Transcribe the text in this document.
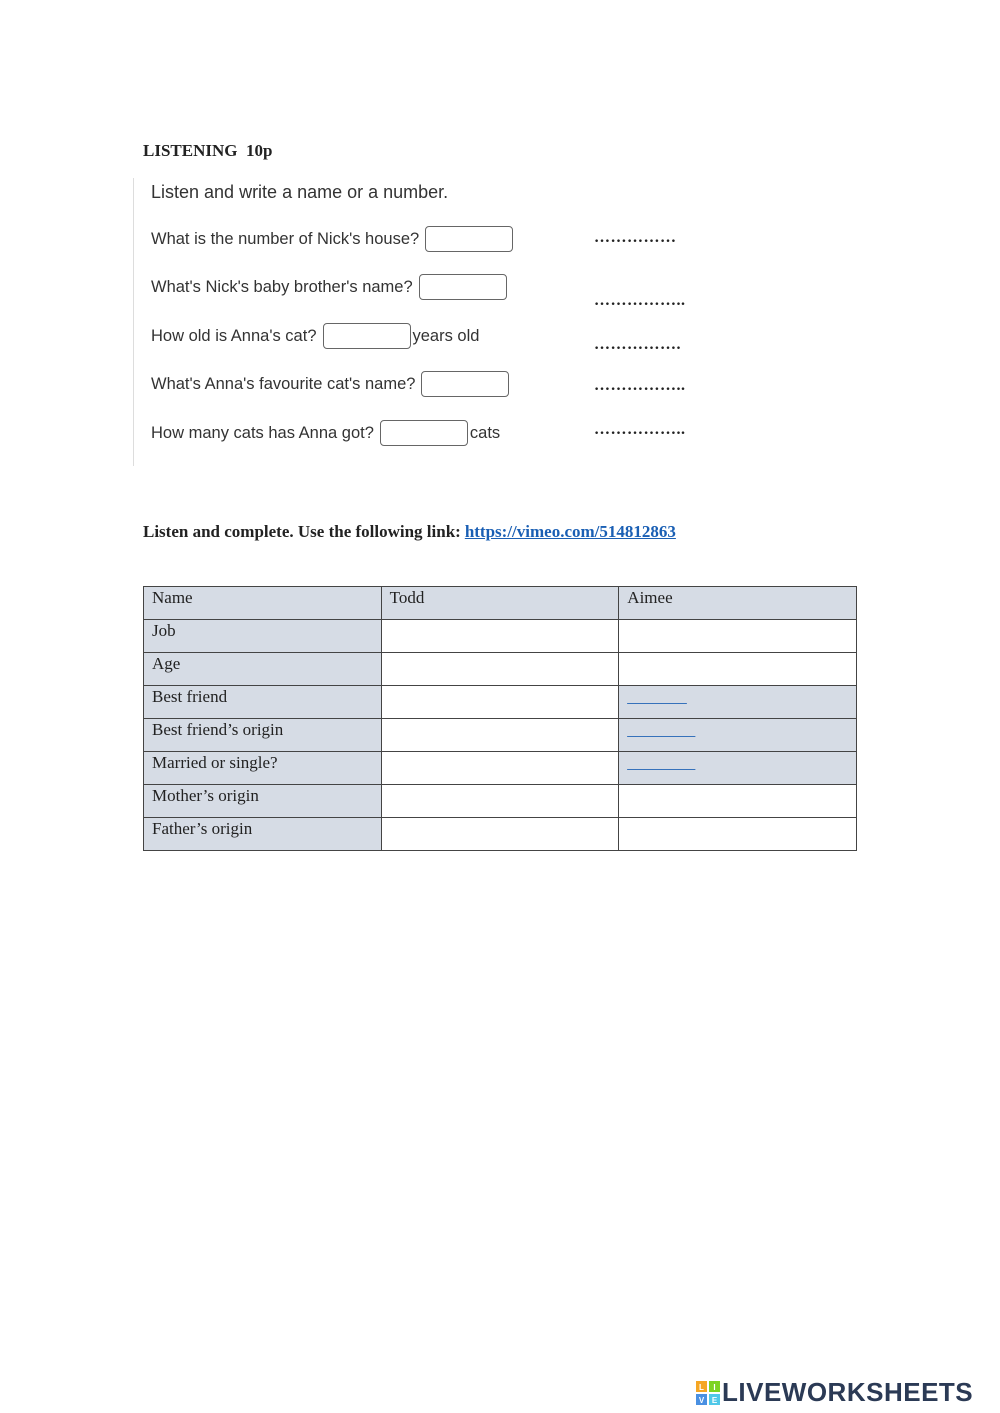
LISTENING  10p
Listen and write a name or a number.
What is the number of Nick's house?	……………
What's Nick's baby brother's name?
……………..
How old is Anna's cat?	years old	…………….
What's Anna's favourite cat's name?	……………..
How many cats has Anna got?	cats	……………..
Listen and complete. Use the following link: https://vimeo.com/514812863
Name	Todd	Aimee
Job		
Age		
Best friend		_______
Best friend’s origin		________
Married or single?		________
Mother’s origin		
Father’s origin		
L I
V E LIVEWORKSHEETS
